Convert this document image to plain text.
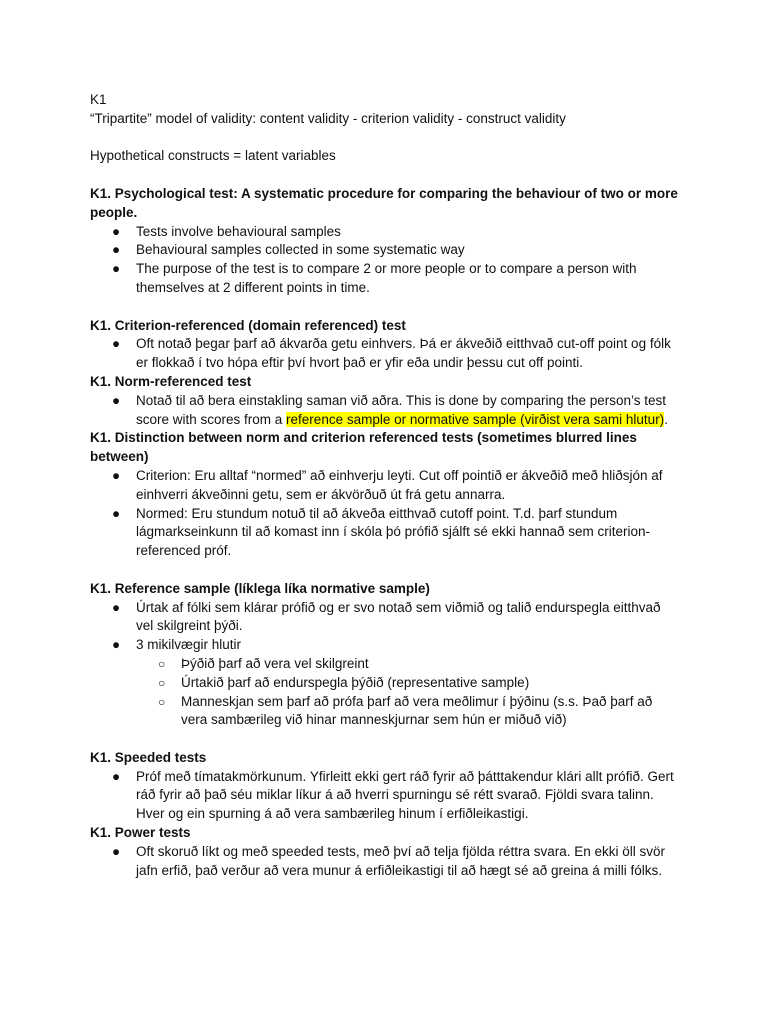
K1

“Tripartite” model of validity: content validity - criterion validity - construct validity

Hypothetical constructs = latent variables

K1. Psychological test: A systematic procedure for comparing the behaviour of two or more people.

● Tests involve behavioural samples
● Behavioural samples collected in some systematic way
● The purpose of the test is to compare 2 or more people or to compare a person with themselves at 2 different points in time.

K1. Criterion-referenced (domain referenced) test

● Oft notað þegar þarf að ákvarða getu einhvers. Þá er ákveðið eitthvað cut-off point og fólk er flokkað í tvo hópa eftir því hvort það er yfir eða undir þessu cut off pointi.

K1. Norm-referenced test

● Notað til að bera einstakling saman við aðra. This is done by comparing the person’s test score with scores from a reference sample or normative sample (virðist vera sami hlutur).

K1. Distinction between norm and criterion referenced tests (sometimes blurred lines between)

● Criterion: Eru alltaf “normed” að einhverju leyti. Cut off pointið er ákveðið með hliðsjón af einhverri ákveðinni getu, sem er ákvörðuð út frá getu annarra.
● Normed: Eru stundum notuð til að ákveða eitthvað cutoff point. T.d. þarf stundum lágmarkseinkunn til að komast inn í skóla þó prófið sjálft sé ekki hannað sem criterion-referenced próf.

K1. Reference sample (líklega líka normative sample)

● Úrtak af fólki sem klárar prófið og er svo notað sem viðmið og talið endurspegla eitthvað vel skilgreint þýði.
● 3 mikilvægir hlutir
○ Þýðið þarf að vera vel skilgreint
○ Úrtakið þarf að endurspegla þýðið (representative sample)
○ Manneskjan sem þarf að prófa þarf að vera meðlimur í þýðinu (s.s. Það þarf að vera sambærileg við hinar manneskjurnar sem hún er miðuð við)

K1. Speeded tests

● Próf með tímatakmörkunum. Yfirleitt ekki gert ráð fyrir að þátttakendur klári allt prófið. Gert ráð fyrir að það séu miklar líkur á að hverri spurningu sé rétt svarað. Fjöldi svara talinn. Hver og ein spurning á að vera sambærileg hinum í erfiðleikastigi.

K1. Power tests

● Oft skoruð líkt og með speeded tests, með því að telja fjölda réttra svara. En ekki öll svör jafn erfið, það verður að vera munur á erfiðleikastigi til að hægt sé að greina á milli fólks.
